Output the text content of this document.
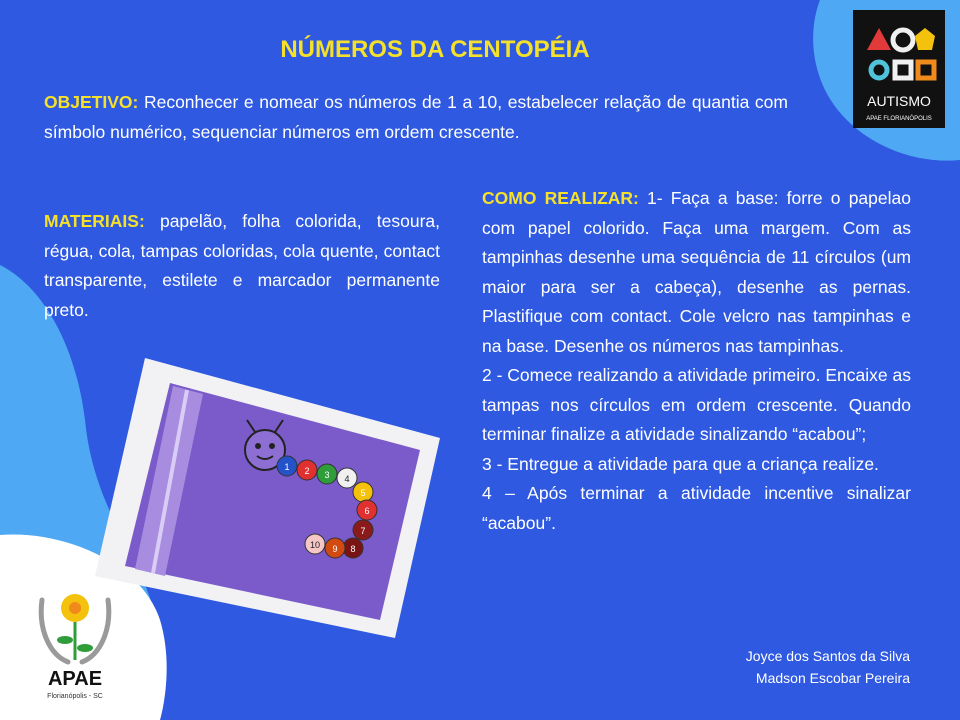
AUTISMO
APAE FLORIANÓPOLIS
APAE
Florianópolis - SC
NÚMEROS DA CENTOPÉIA
OBJETIVO: Reconhecer e nomear os números de 1 a 10, estabelecer relação de quantia com símbolo numérico, sequenciar números em ordem crescente.
MATERIAIS: papelão, folha colorida, tesoura, régua, cola, tampas coloridas, cola quente, contact transparente, estilete e marcador permanente preto.
COMO REALIZAR: 1- Faça a base: forre o papelao com papel colorido. Faça uma margem. Com as tampinhas desenhe uma sequência de 11 círculos (um maior para ser a cabeça), desenhe as pernas. Plastifique com contact. Cole velcro nas tampinhas e na base. Desenhe os números nas tampinhas.
2 - Comece realizando a atividade primeiro. Encaixe as tampas nos círculos em ordem crescente. Quando terminar finalize a atividade sinalizando “acabou”;
3 - Entregue a atividade para que a criança realize.
4 – Após terminar a atividade incentive sinalizar “acabou”.
1 2 3 4
5
6
7
8
9
10
Joyce dos Santos da Silva
Madson Escobar Pereira
